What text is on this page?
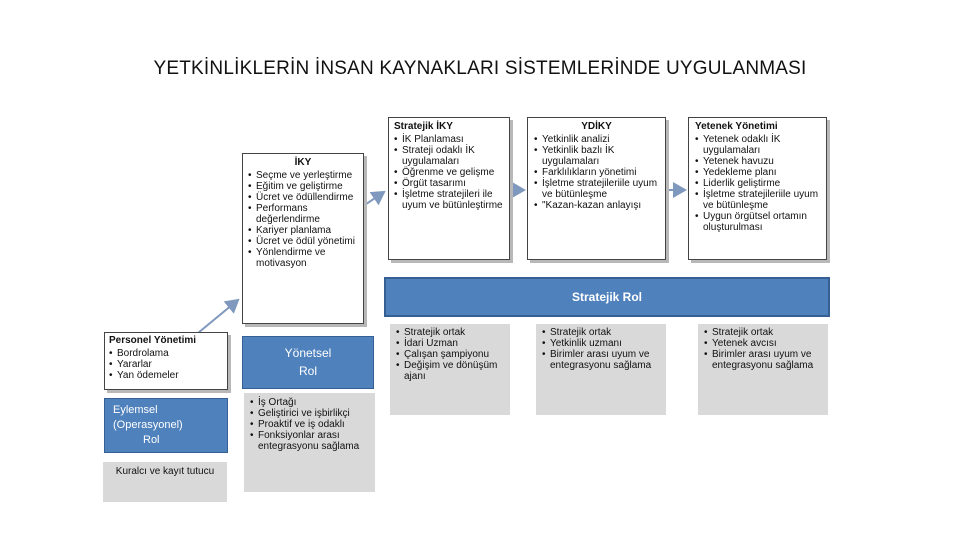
YETKİNLİKLERİN İNSAN KAYNAKLARI SİSTEMLERİNDE UYGULANMASI
Personel Yönetimi
• Bordrolama
• Yararlar
• Yan ödemeler
İKY
• Seçme ve yerleştirme
• Eğitim ve geliştirme
• Ücret ve ödüllendirme
• Performans değerlendirme
• Kariyer planlama
• Ücret ve ödül yönetimi
• Yönlendirme ve motivasyon
Stratejik İKY
• İK Planlaması
• Strateji odaklı İK uygulamaları
• Öğrenme ve gelişme
• Örgüt tasarımı
• İşletme stratejileri ile uyum ve bütünleştirme
YDİKY
• Yetkinlik analizi
• Yetkinlik bazlı İK uygulamaları
• Farklılıkların yönetimi
• İşletme stratejileriile uyum ve bütünleşme
• "Kazan-kazan anlayışı
Yetenek Yönetimi
• Yetenek odaklı İK uygulamaları
• Yetenek havuzu
• Yedekleme planı
• Liderlik geliştirme
• İşletme stratejileriile uyum ve bütünleşme
• Uygun örgütsel ortamın oluşturulması
Stratejik Rol
• Stratejik ortak
• İdari Uzman
• Çalışan şampiyonu
• Değişim ve dönüşüm ajanı
• Stratejik ortak
• Yetkinlik uzmanı
• Birimler arası uyum ve entegrasyonu sağlama
• Stratejik ortak
• Yetenek avcısı
• Birimler arası uyum ve entegrasyonu sağlama
Yönetsel
Rol
• İş Ortağı
• Geliştirici ve işbirlikçi
• Proaktif ve iş odaklı
• Fonksiyonlar arası entegrasyonu sağlama
Eylemsel
(Operasyonel)
Rol
Kuralcı ve kayıt tutucu
